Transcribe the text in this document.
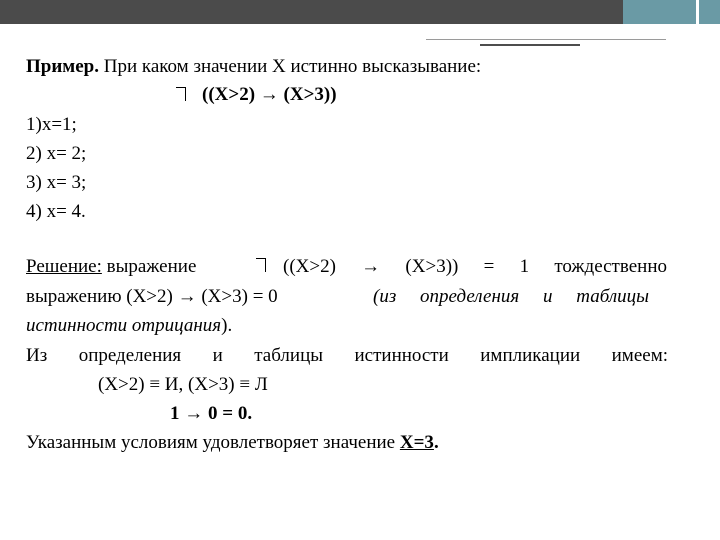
Пример. При каком значении X истинно высказывание:
((X>2) → (X>3))
1)x=1;
2) x= 2;
3) x= 3;
4) x= 4.
Решение: выражение	((X>2) → (X>3)) = 1 тождественно
выражению (X>2) → (X>3) = 0	(из определения и таблицы
истинности отрицания).
Из определения и таблицы истинности импликации имеем:
(X>2) ≡ И, (X>3) ≡ Л
1 → 0 = 0.
Указанным условиям удовлетворяет значение X=3.
